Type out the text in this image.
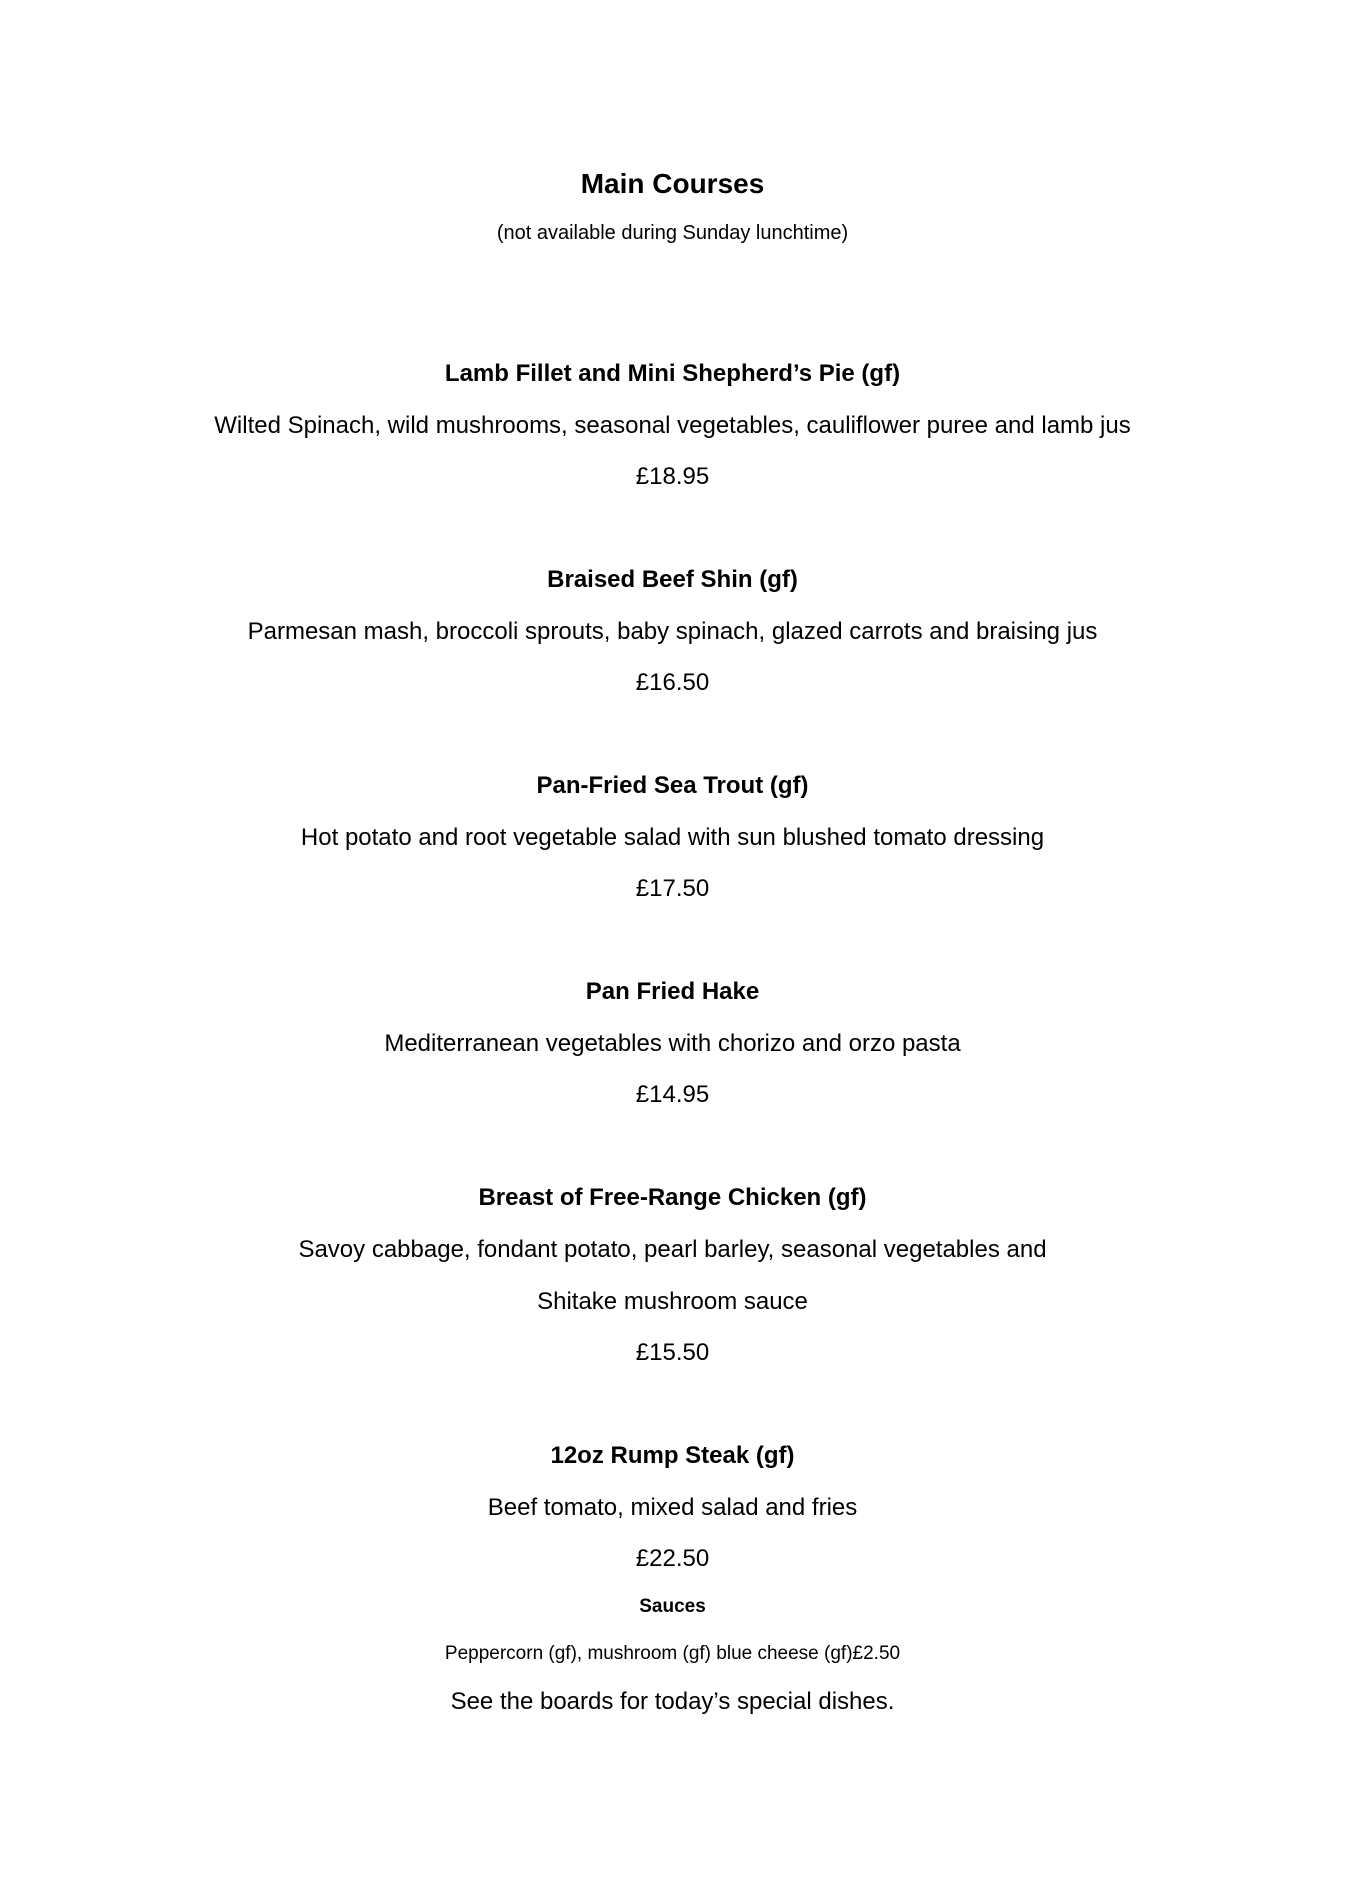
Main Courses
(not available during Sunday lunchtime)
Lamb Fillet and Mini Shepherd’s Pie (gf)
Wilted Spinach, wild mushrooms, seasonal vegetables, cauliflower puree and lamb jus
£18.95
Braised Beef Shin (gf)
Parmesan mash, broccoli sprouts, baby spinach, glazed carrots and braising jus
£16.50
Pan-Fried Sea Trout (gf)
Hot potato and root vegetable salad with sun blushed tomato dressing
£17.50
Pan Fried Hake
Mediterranean vegetables with chorizo and orzo pasta
£14.95
Breast of Free-Range Chicken (gf)
Savoy cabbage, fondant potato, pearl barley, seasonal vegetables and
Shitake mushroom sauce
£15.50
12oz Rump Steak (gf)
Beef tomato, mixed salad and fries
£22.50
Sauces
Peppercorn (gf), mushroom (gf) blue cheese (gf)£2.50
See the boards for today’s special dishes.
